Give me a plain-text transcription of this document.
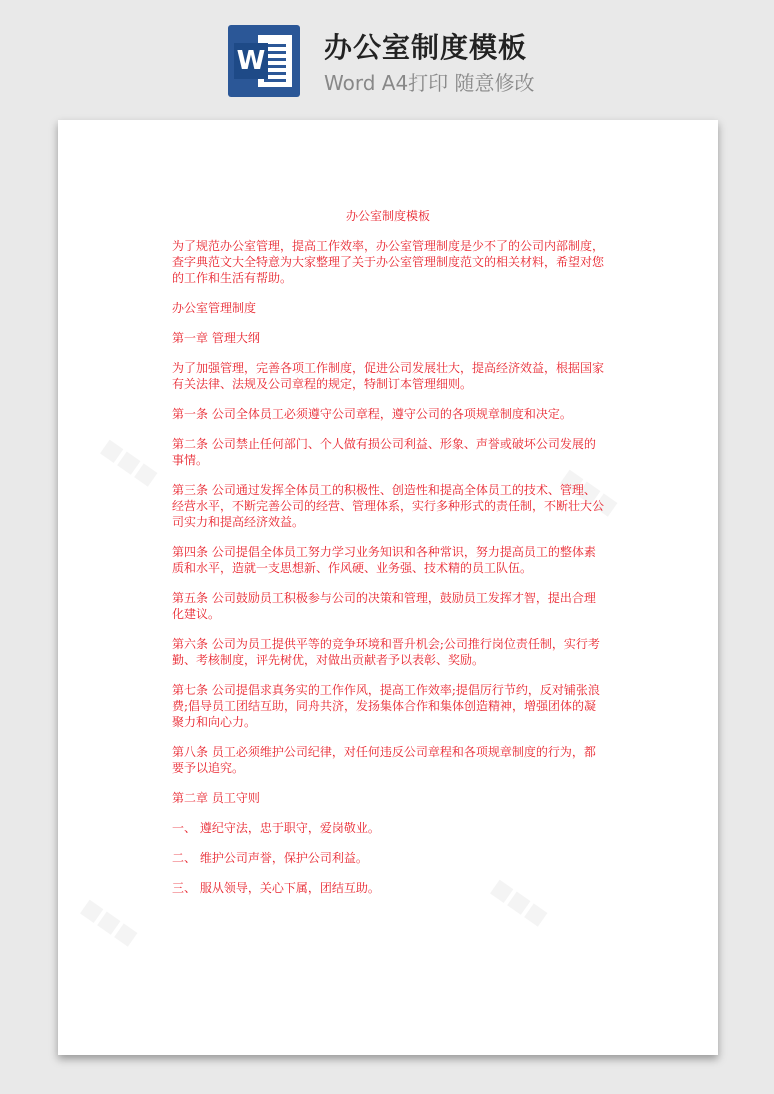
W 办公室制度模板
Word A4打印 随意修改
办公室制度模板

为了规范办公室管理，提高工作效率，办公室管理制度是少不了的公司内部制度，查字典范文大全特意为大家整理了关于办公室管理制度范文的相关材料，希望对您的工作和生活有帮助。

办公室管理制度

第一章 管理大纲

为了加强管理，完善各项工作制度，促进公司发展壮大，提高经济效益，根据国家有关法律、法规及公司章程的规定，特制订本管理细则。

第一条 公司全体员工必须遵守公司章程，遵守公司的各项规章制度和决定。

第二条 公司禁止任何部门、个人做有损公司利益、形象、声誉或破坏公司发展的事情。

第三条 公司通过发挥全体员工的积极性、创造性和提高全体员工的技术、管理、经营水平，不断完善公司的经营、管理体系，实行多种形式的责任制，不断壮大公司实力和提高经济效益。

第四条 公司提倡全体员工努力学习业务知识和各种常识，努力提高员工的整体素质和水平，造就一支思想新、作风硬、业务强、技术精的员工队伍。

第五条 公司鼓励员工积极参与公司的决策和管理，鼓励员工发挥才智，提出合理化建议。

第六条 公司为员工提供平等的竞争环境和晋升机会;公司推行岗位责任制，实行考勤、考核制度，评先树优，对做出贡献者予以表彰、奖励。

第七条 公司提倡求真务实的工作作风，提高工作效率;提倡厉行节约，反对铺张浪费;倡导员工团结互助，同舟共济，发扬集体合作和集体创造精神，增强团体的凝聚力和向心力。

第八条 员工必须维护公司纪律，对任何违反公司章程和各项规章制度的行为，都要予以追究。

第二章 员工守则

一、 遵纪守法，忠于职守，爱岗敬业。

二、 维护公司声誉，保护公司利益。

三、 服从领导，关心下属，团结互助。
